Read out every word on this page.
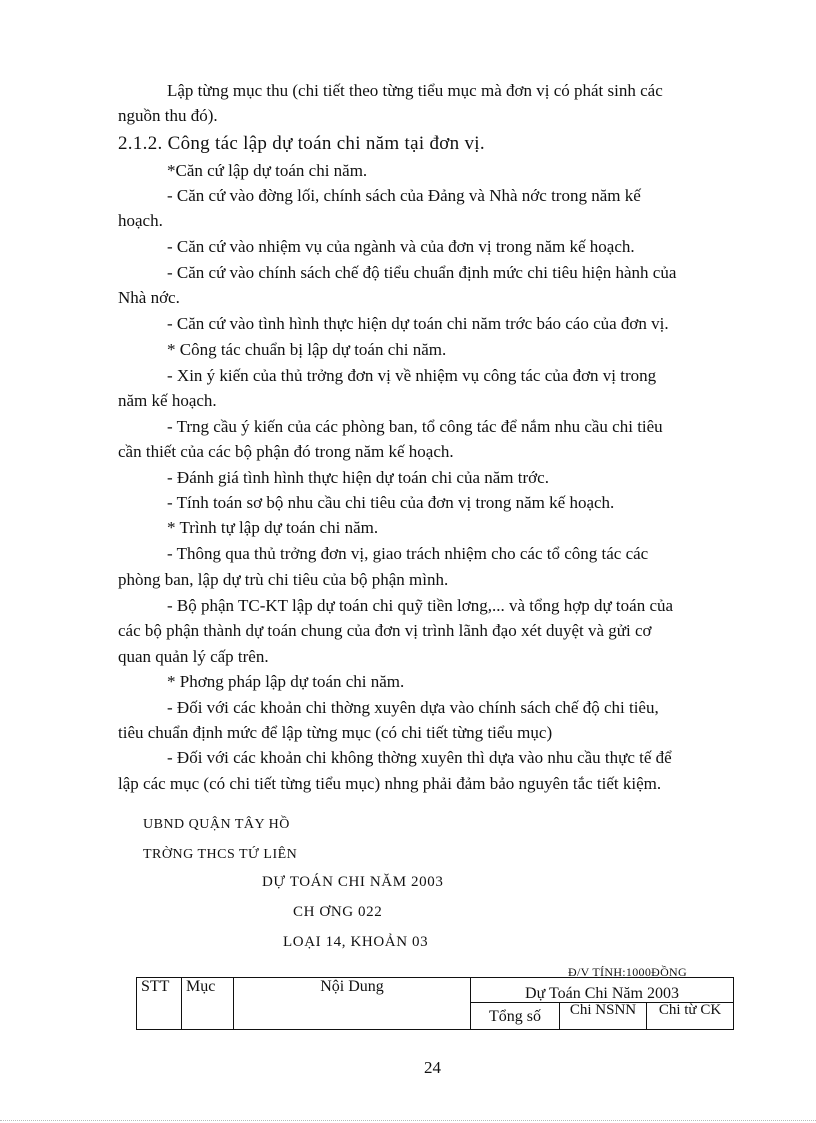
Lập từng mục thu (chi tiết theo từng tiểu mục mà đơn vị có phát sinh các
nguồn thu đó).
2.1.2. Công tác lập dự toán chi năm tại đơn vị.
*Căn cứ lập dự toán chi năm.
- Căn cứ vào đờng lối, chính sách của Đảng và Nhà nớc trong năm kế
hoạch.
- Căn cứ vào nhiệm vụ của ngành và của đơn vị trong năm kế hoạch.
- Căn cứ vào chính sách chế độ tiểu chuẩn định mức chi tiêu hiện hành của
Nhà nớc.
- Căn cứ vào tình hình thực hiện dự toán chi năm trớc báo cáo của đơn vị.
* Công tác chuẩn bị lập dự toán chi năm.
- Xin ý kiến của thủ trởng đơn vị về nhiệm vụ công tác của đơn vị trong
năm kế hoạch.
- Trng cầu ý kiến của các phòng ban, tổ công tác để nắm nhu cầu chi tiêu
cần thiết của các bộ phận đó trong năm kế hoạch.
- Đánh giá tình hình thực hiện dự toán chi của năm trớc.
- Tính toán sơ bộ nhu cầu chi tiêu của đơn vị trong năm kế hoạch.
* Trình tự lập dự toán chi năm.
- Thông qua thủ trởng đơn vị, giao trách nhiệm cho các tổ công tác các
phòng ban, lập dự trù chi tiêu của bộ phận mình.
- Bộ phận TC-KT lập dự toán chi quỹ tiền lơng,... và tổng hợp dự toán của
các bộ phận thành dự toán chung của đơn vị trình lãnh đạo xét duyệt và gửi cơ
quan quản lý cấp trên.
* Phơng pháp lập dự toán chi năm.
- Đối với các khoản chi thờng xuyên dựa vào chính sách chế độ chi tiêu,
tiêu chuẩn định mức để lập từng mục (có chi tiết từng tiểu mục)
- Đối với các khoản chi không thờng xuyên thì dựa vào nhu cầu thực tế để
lập các mục (có chi tiết từng tiểu mục) nhng phải đảm bảo nguyên tắc tiết kiệm.
UBND QUẬN TÂY HỒ
TRỜNG THCS TỨ LIÊN
DỰ TOÁN CHI NĂM 2003
CH ƠNG 022
LOẠI 14, KHOẢN 03
Đ/V TÍNH:1000ĐỒNG
STT	Mục	Nội Dung	Dự Toán Chi Năm 2003		
			Tổng số	Chi NSNN	Chi từ CK
24
